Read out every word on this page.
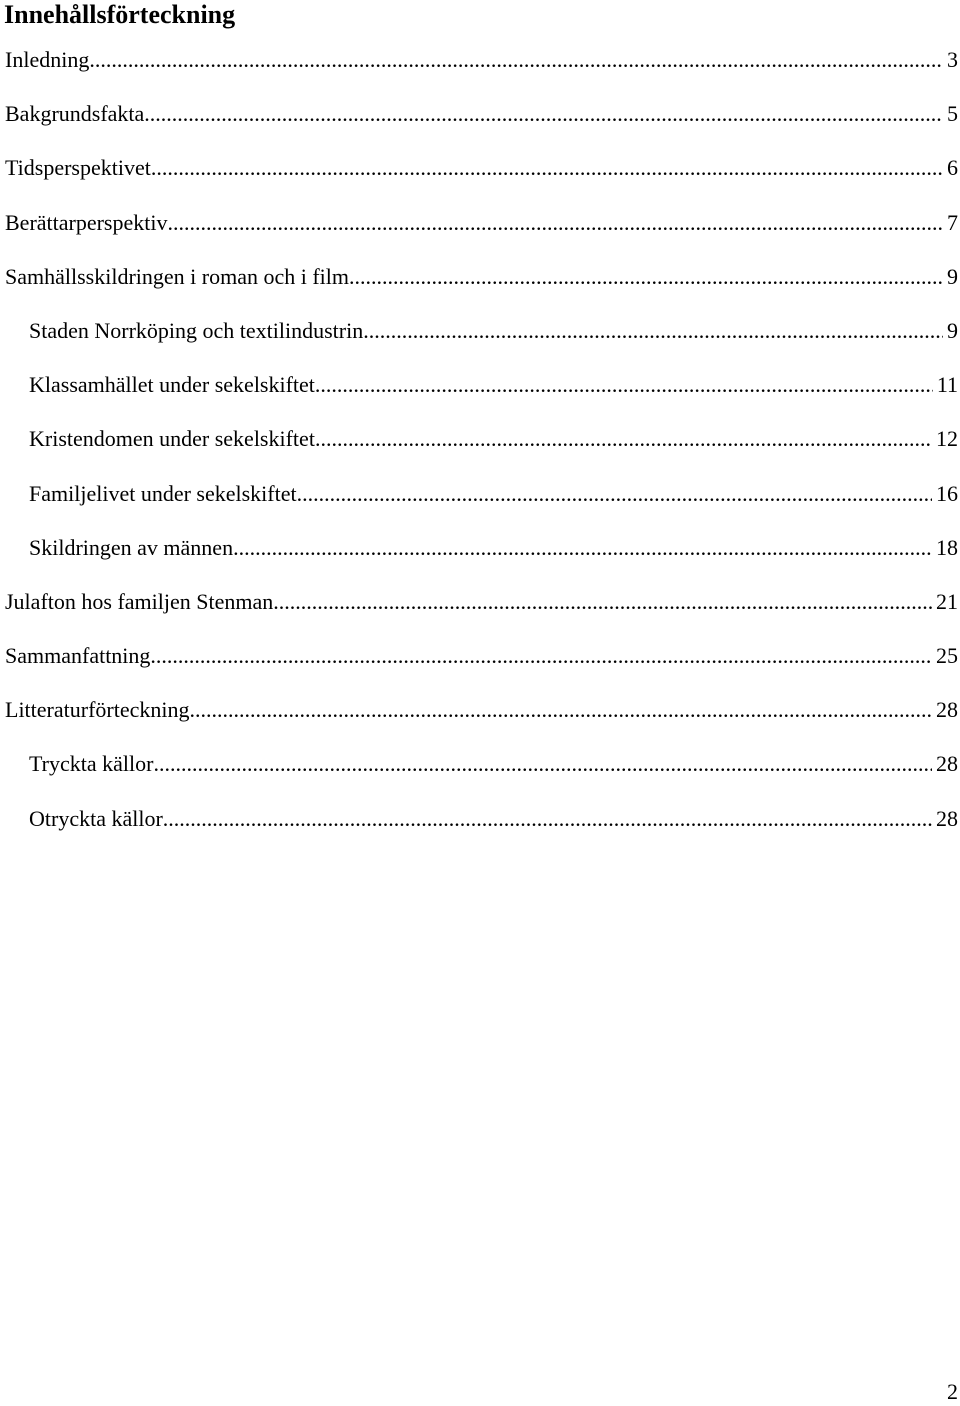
Innehållsförteckning
Inledning .....	3
Bakgrundsfakta .....	5
Tidsperspektivet .....	6
Berättarperspektiv .....	7
Samhällsskildringen i roman och i film .....	9
Staden Norrköping och textilindustrin .....	9
Klassamhället under sekelskiftet .....	11
Kristendomen under sekelskiftet .....	12
Familjelivet under sekelskiftet .....	16
Skildringen av männen .....	18
Julafton hos familjen Stenman .....	21
Sammanfattning .....	25
Litteraturförteckning .....	28
Tryckta källor .....	28
Otryckta källor .....	28
2
